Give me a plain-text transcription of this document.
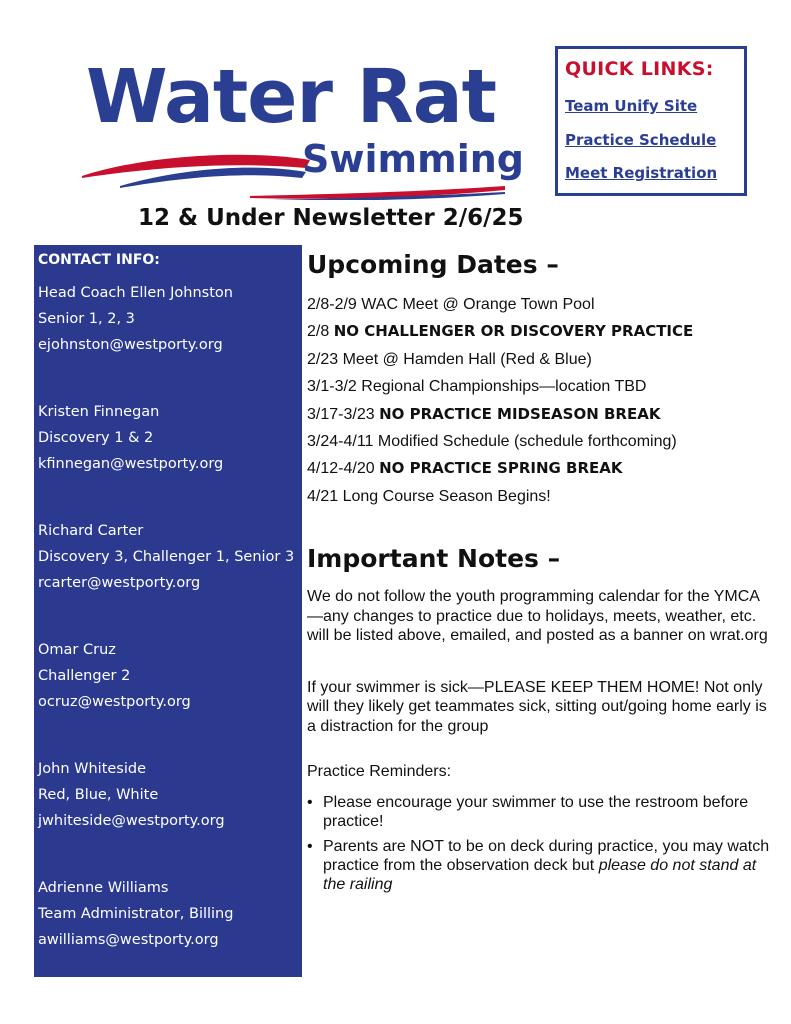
Water Rat
Swimming
12 & Under Newsletter 2/6/25
QUICK LINKS:
Team Unify Site
Practice Schedule
Meet Registration
CONTACT INFO:
Head Coach Ellen Johnston
Senior 1, 2, 3
ejohnston@westporty.org
Kristen Finnegan
Discovery 1 & 2
kfinnegan@westporty.org
Richard Carter
Discovery 3, Challenger 1, Senior 3
rcarter@westporty.org
Omar Cruz
Challenger 2
ocruz@westporty.org
John Whiteside
Red, Blue, White
jwhiteside@westporty.org
Adrienne Williams
Team Administrator, Billing
awilliams@westporty.org
Upcoming Dates –
2/8-2/9 WAC Meet @ Orange Town Pool
2/8 NO CHALLENGER OR DISCOVERY PRACTICE
2/23 Meet @ Hamden Hall (Red & Blue)
3/1-3/2 Regional Championships—location TBD
3/17-3/23 NO PRACTICE MIDSEASON BREAK
3/24-4/11 Modified Schedule (schedule forthcoming)
4/12-4/20 NO PRACTICE SPRING BREAK
4/21 Long Course Season Begins!
Important Notes –

We do not follow the youth programming calendar for the YMCA—any changes to practice due to holidays, meets, weather, etc. will be listed above, emailed, and posted as a banner on wrat.org

If your swimmer is sick—PLEASE KEEP THEM HOME! Not only will they likely get teammates sick, sitting out/going home early is a distraction for the group

Practice Reminders:

• Please encourage your swimmer to use the restroom before practice!
• Parents are NOT to be on deck during practice, you may watch practice from the observation deck but please do not stand at the railing
